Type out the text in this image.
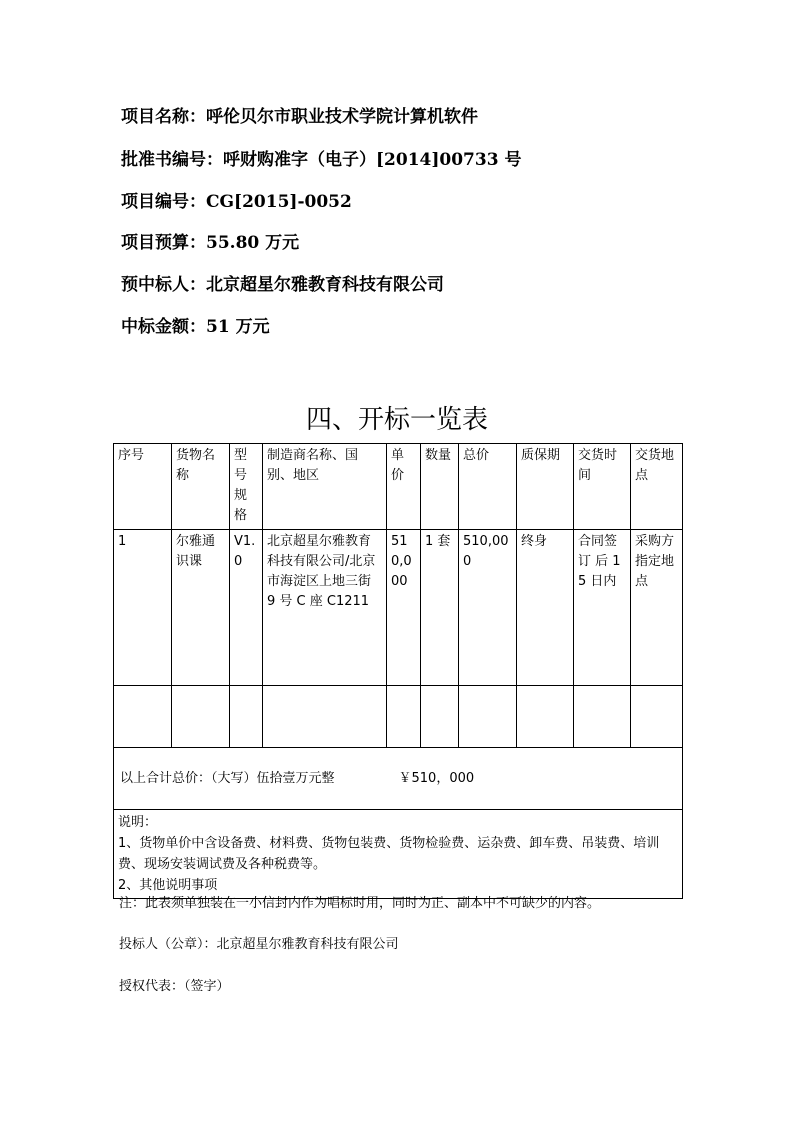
项目名称：呼伦贝尔市职业技术学院计算机软件
批准书编号：呼财购准字（电子）[2014]00733 号
项目编号：CG[2015]-0052
项目预算：55.80 万元
预中标人：北京超星尔雅教育科技有限公司
中标金额：51 万元
四、开标一览表
序号	货物名称	型号规格	制造商名称、国别、地区	单价	数量	总价	质保期	交货时间	交货地点
1	尔雅通识课	V1.0	北京超星尔雅教育科技有限公司/北京市海淀区上地三街 9 号 C 座 C1211	510,000	1 套	510,000	终身	合同签订 后 15 日内	采购方指定地点

以上合计总价：（大写）伍拾壹万元整 ￥510，000									

说明：
1、货物单价中含设备费、材料费、货物包装费、货物检验费、运杂费、卸车费、吊装费、培训费、现场安装调试费及各种税费等。
2、其他说明事项									
注：此表须单独装在一小信封内作为唱标时用，同时为正、副本中不可缺少的内容。
投标人（公章）：北京超星尔雅教育科技有限公司
授权代表：（签字）
